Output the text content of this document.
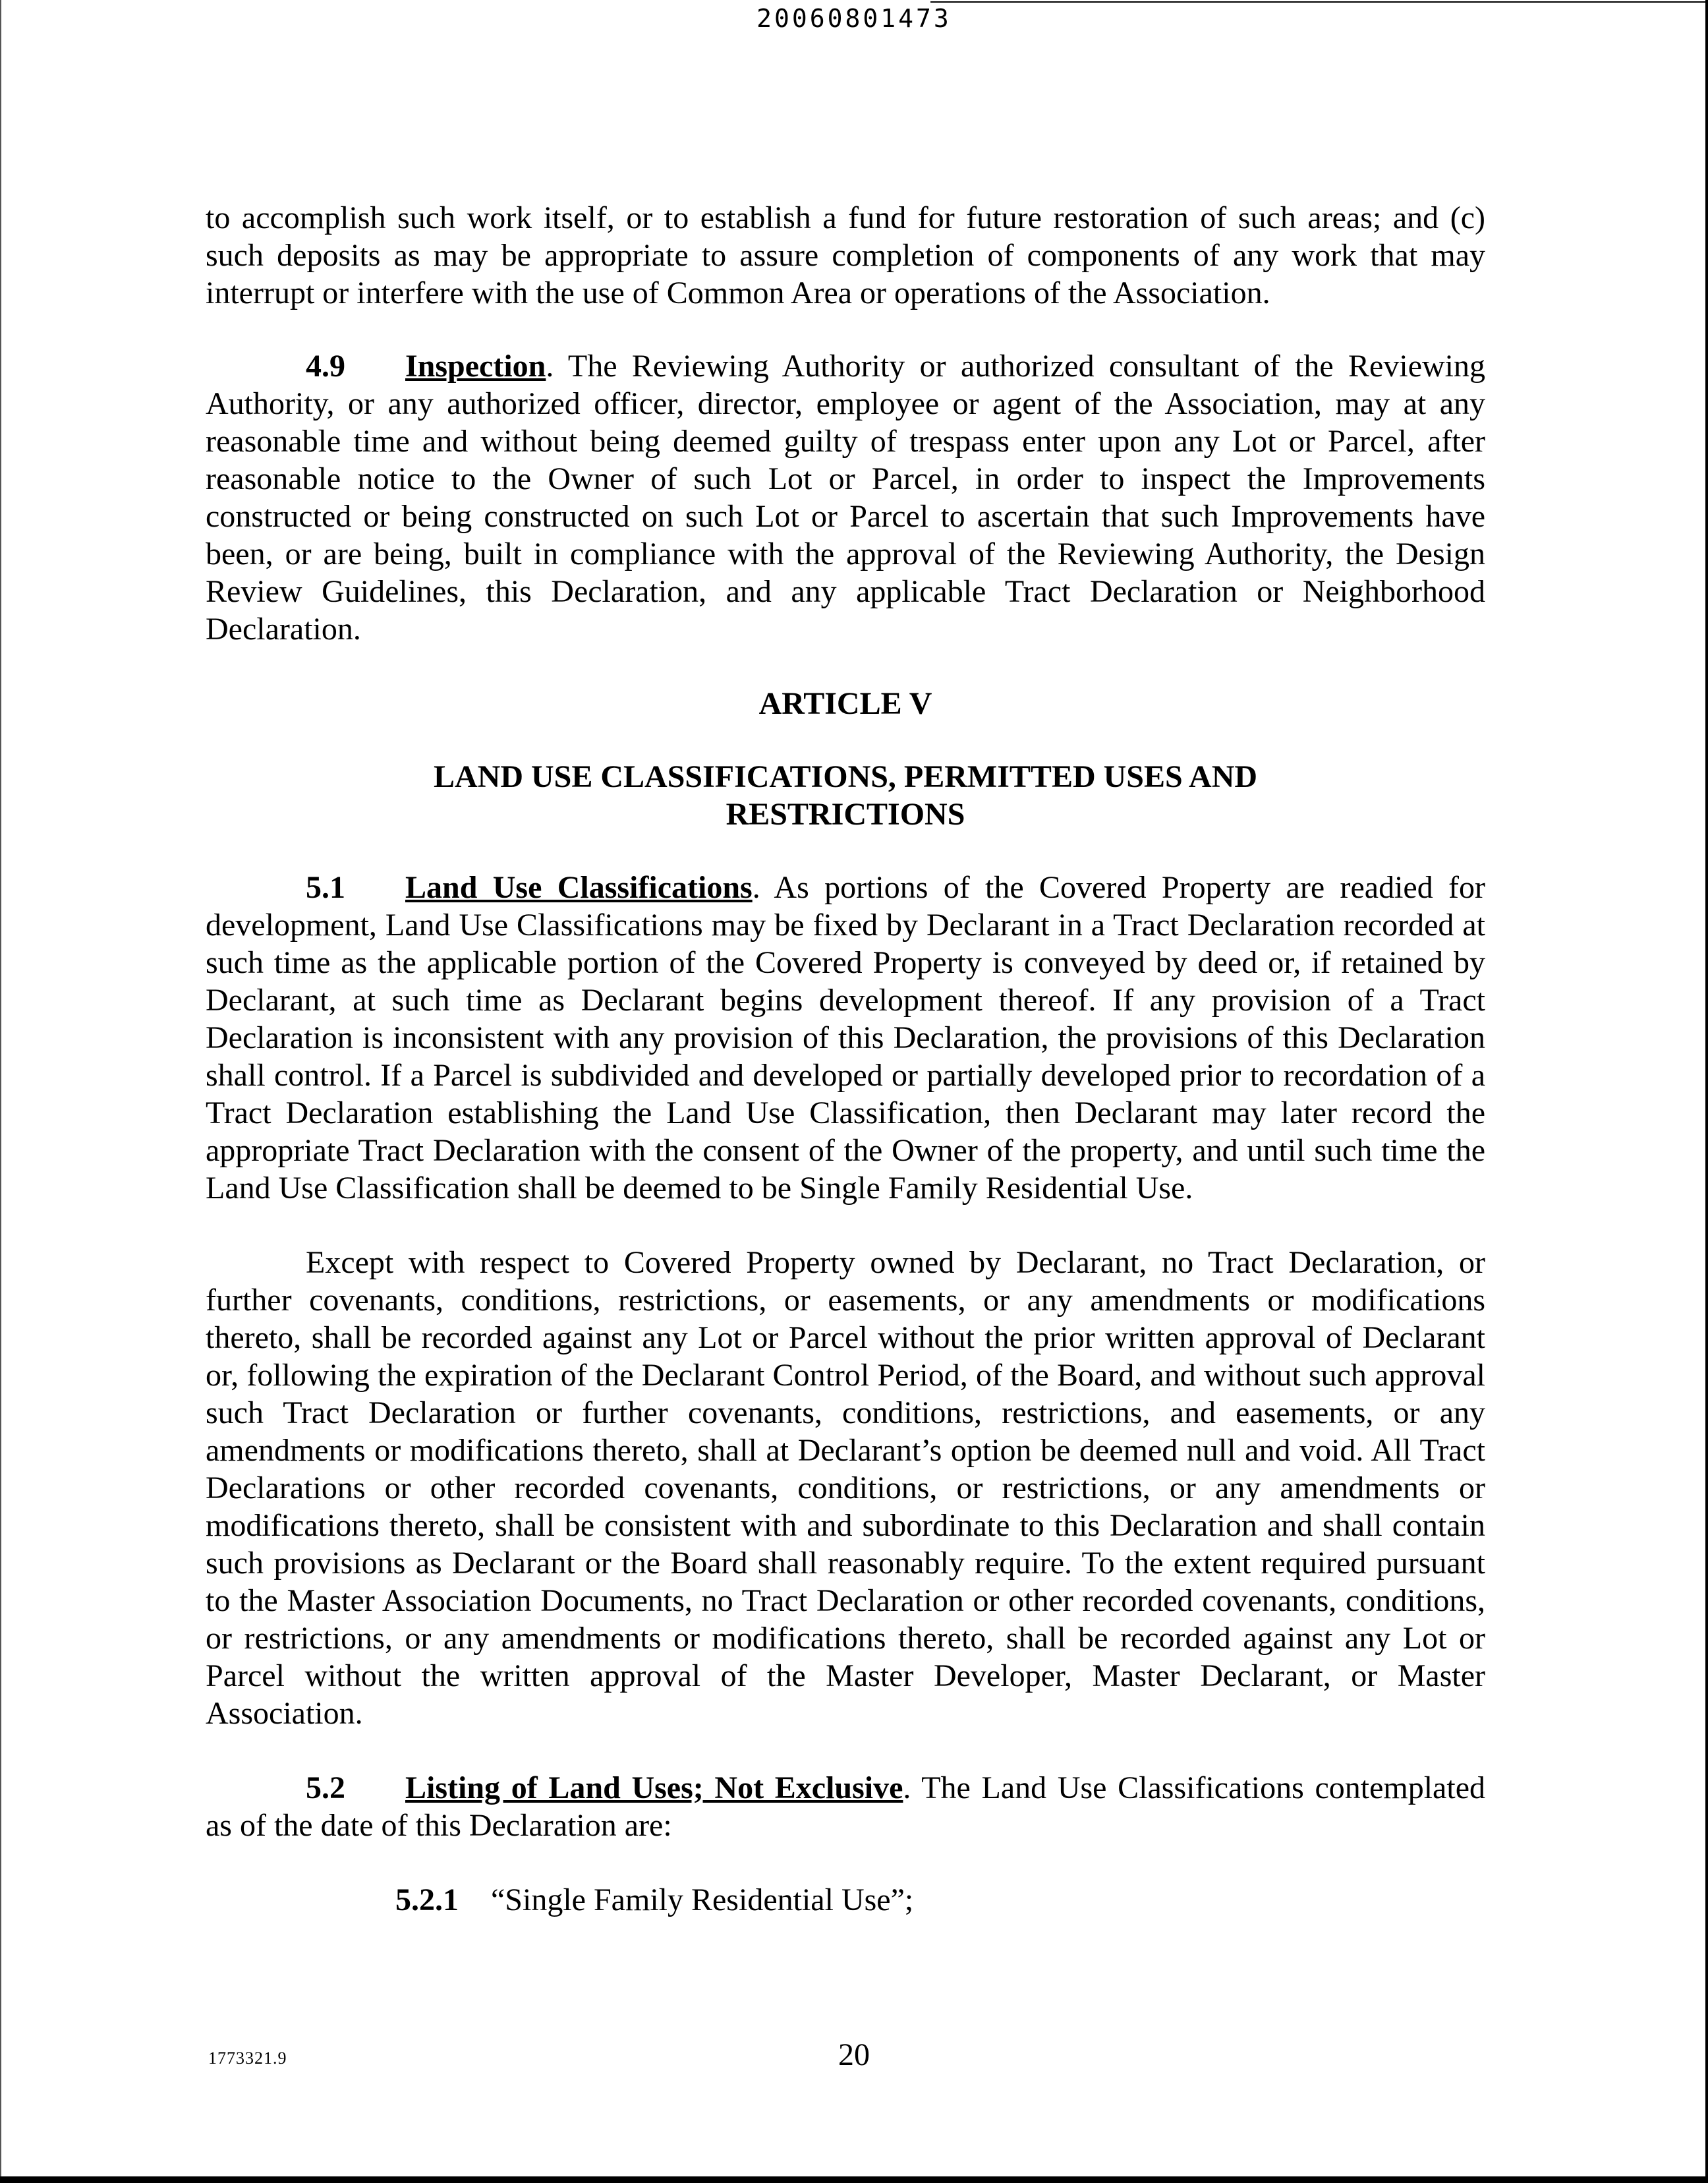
20060801473

to accomplish such work itself, or to establish a fund for future restoration of such areas; and (c) such deposits as may be appropriate to assure completion of components of any work that may interrupt or interfere with the use of Common Area or operations of the Association.

4.9 Inspection. The Reviewing Authority or authorized consultant of the Reviewing Authority, or any authorized officer, director, employee or agent of the Association, may at any reasonable time and without being deemed guilty of trespass enter upon any Lot or Parcel, after reasonable notice to the Owner of such Lot or Parcel, in order to inspect the Improvements constructed or being constructed on such Lot or Parcel to ascertain that such Improvements have been, or are being, built in compliance with the approval of the Reviewing Authority, the Design Review Guidelines, this Declaration, and any applicable Tract Declaration or Neighborhood Declaration.

ARTICLE V

LAND USE CLASSIFICATIONS, PERMITTED USES AND

RESTRICTIONS

5.1 Land Use Classifications. As portions of the Covered Property are readied for development, Land Use Classifications may be fixed by Declarant in a Tract Declaration recorded at such time as the applicable portion of the Covered Property is conveyed by deed or, if retained by Declarant, at such time as Declarant begins development thereof. If any provision of a Tract Declaration is inconsistent with any provision of this Declaration, the provisions of this Declaration shall control. If a Parcel is subdivided and developed or partially developed prior to recordation of a Tract Declaration establishing the Land Use Classification, then Declarant may later record the appropriate Tract Declaration with the consent of the Owner of the property, and until such time the Land Use Classification shall be deemed to be Single Family Residential Use.

Except with respect to Covered Property owned by Declarant, no Tract Declaration, or further covenants, conditions, restrictions, or easements, or any amendments or modifications thereto, shall be recorded against any Lot or Parcel without the prior written approval of Declarant or, following the expiration of the Declarant Control Period, of the Board, and without such approval such Tract Declaration or further covenants, conditions, restrictions, and easements, or any amendments or modifications thereto, shall at Declarant’s option be deemed null and void. All Tract Declarations or other recorded covenants, conditions, or restrictions, or any amendments or modifications thereto, shall be consistent with and subordinate to this Declaration and shall contain such provisions as Declarant or the Board shall reasonably require. To the extent required pursuant to the Master Association Documents, no Tract Declaration or other recorded covenants, conditions, or restrictions, or any amendments or modifications thereto, shall be recorded against any Lot or Parcel without the written approval of the Master Developer, Master Declarant, or Master Association.

5.2 Listing of Land Uses; Not Exclusive. The Land Use Classifications contemplated as of the date of this Declaration are:

5.2.1 “Single Family Residential Use”;

1773321.9	20
